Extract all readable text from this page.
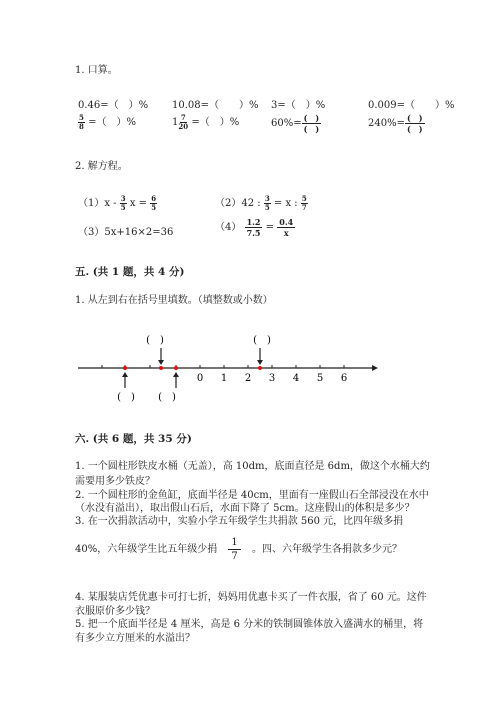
1. 口算。
0.46=（　）% 10.08=（　　）% 3=（　）%	0.009=（　　）%
$\frac{5}{8}$ =（　）%	$1 \frac{7}{20}$ =（　）%	$60\%= \frac{( )}{( )}$	$240\%= \frac{( )}{( )}$
2. 解方程。
$(1)x - \frac{3}{5}$ $x = \frac{6}{5}$	（2）42 : $\frac{3}{5} = x$ : $\frac{5}{7}$
（3）5x+16×2=36	$(4) \frac{1.2}{7.5} = \frac{0.4}{x}$
五. (共 1 题，共 4 分)
1. 从左到右在括号里填数。（填整数或小数）
(　)	(　)
0 1 2 3 4 5 6
(　) (　)
六. (共 6 题，共 35 分)
1. 一个圆柱形铁皮水桶（无盖），高 10dm，底面直径是 6dm，做这个水桶大约
需要用多少铁皮？
2. 一个圆柱形的金鱼缸，底面半径是 40cm，里面有一座假山石全部浸没在水中
（水没有溢出），取出假山石后，水面下降了 5cm。这座假山的体积是多少？
3. 在一次捐款活动中，实验小学五年级学生共捐款 560 元，比四年级多捐
40%，六年级学生比五年级少捐 $\frac{1}{7}$ 。四、六年级学生各捐款多少元？
4. 某服装店凭优惠卡可打七折，妈妈用优惠卡买了一件衣服，省了 60 元。这件
衣服原价多少钱？
5. 把一个底面半径是 4 厘米，高是 6 分米的铁制圆锥体放入盛满水的桶里，将
有多少立方厘米的水溢出？
